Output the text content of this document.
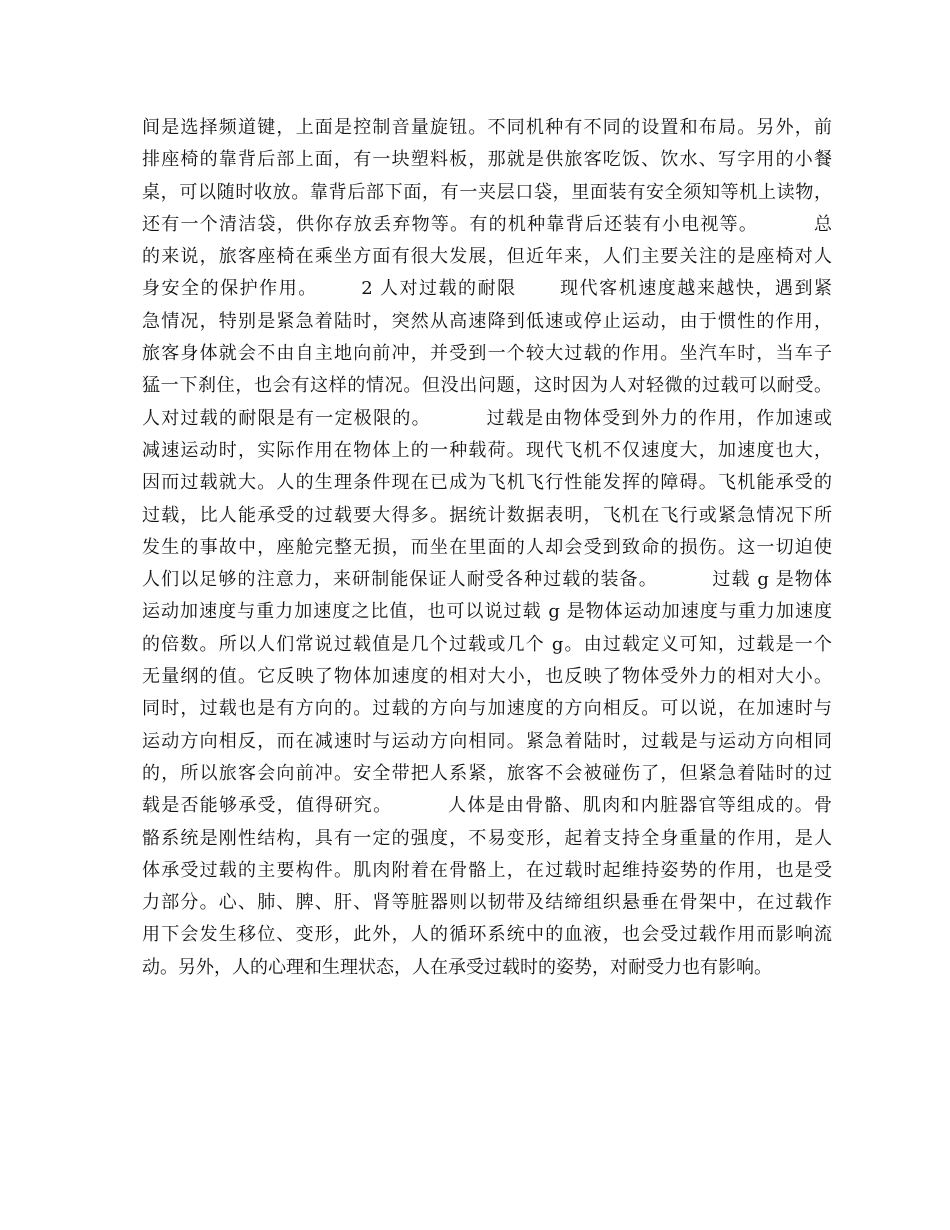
间是选择频道键，上面是控制音量旋钮。不同机种有不同的设置和布局。另外，前
排座椅的靠背后部上面，有一块塑料板，那就是供旅客吃饭、饮水、写字用的小餐
桌，可以随时收放。靠背后部下面，有一夹层口袋，里面装有安全须知等机上读物，
还有一个清洁袋，供你存放丢弃物等。有的机种靠背后还装有小电视等。        总
的来说，旅客座椅在乘坐方面有很大发展，但近年来，人们主要关注的是座椅对人
身安全的保护作用。      2 人对过载的耐限      现代客机速度越来越快，遇到紧
急情况，特别是紧急着陆时，突然从高速降到低速或停止运动，由于惯性的作用，
旅客身体就会不由自主地向前冲，并受到一个较大过载的作用。坐汽车时，当车子
猛一下刹住，也会有这样的情况。但没出问题，这时因为人对轻微的过载可以耐受。
人对过载的耐限是有一定极限的。        过载是由物体受到外力的作用，作加速或
减速运动时，实际作用在物体上的一种载荷。现代飞机不仅速度大，加速度也大，
因而过载就大。人的生理条件现在已成为飞机飞行性能发挥的障碍。飞机能承受的
过载，比人能承受的过载要大得多。据统计数据表明，飞机在飞行或紧急情况下所
发生的事故中，座舱完整无损，而坐在里面的人却会受到致命的损伤。这一切迫使
人们以足够的注意力，来研制能保证人耐受各种过载的装备。        过载 g 是物体
运动加速度与重力加速度之比值，也可以说过载 g 是物体运动加速度与重力加速度
的倍数。所以人们常说过载值是几个过载或几个 g。由过载定义可知，过载是一个
无量纲的值。它反映了物体加速度的相对大小，也反映了物体受外力的相对大小。
同时，过载也是有方向的。过载的方向与加速度的方向相反。可以说，在加速时与
运动方向相反，而在减速时与运动方向相同。紧急着陆时，过载是与运动方向相同
的，所以旅客会向前冲。安全带把人系紧，旅客不会被碰伤了，但紧急着陆时的过
载是否能够承受，值得研究。        人体是由骨骼、肌肉和内脏器官等组成的。骨
骼系统是刚性结构，具有一定的强度，不易变形，起着支持全身重量的作用，是人
体承受过载的主要构件。肌肉附着在骨骼上，在过载时起维持姿势的作用，也是受
力部分。心、肺、脾、肝、肾等脏器则以韧带及结缔组织悬垂在骨架中，在过载作
用下会发生移位、变形，此外，人的循环系统中的血液，也会受过载作用而影响流
动。另外，人的心理和生理状态，人在承受过载时的姿势，对耐受力也有影响。
